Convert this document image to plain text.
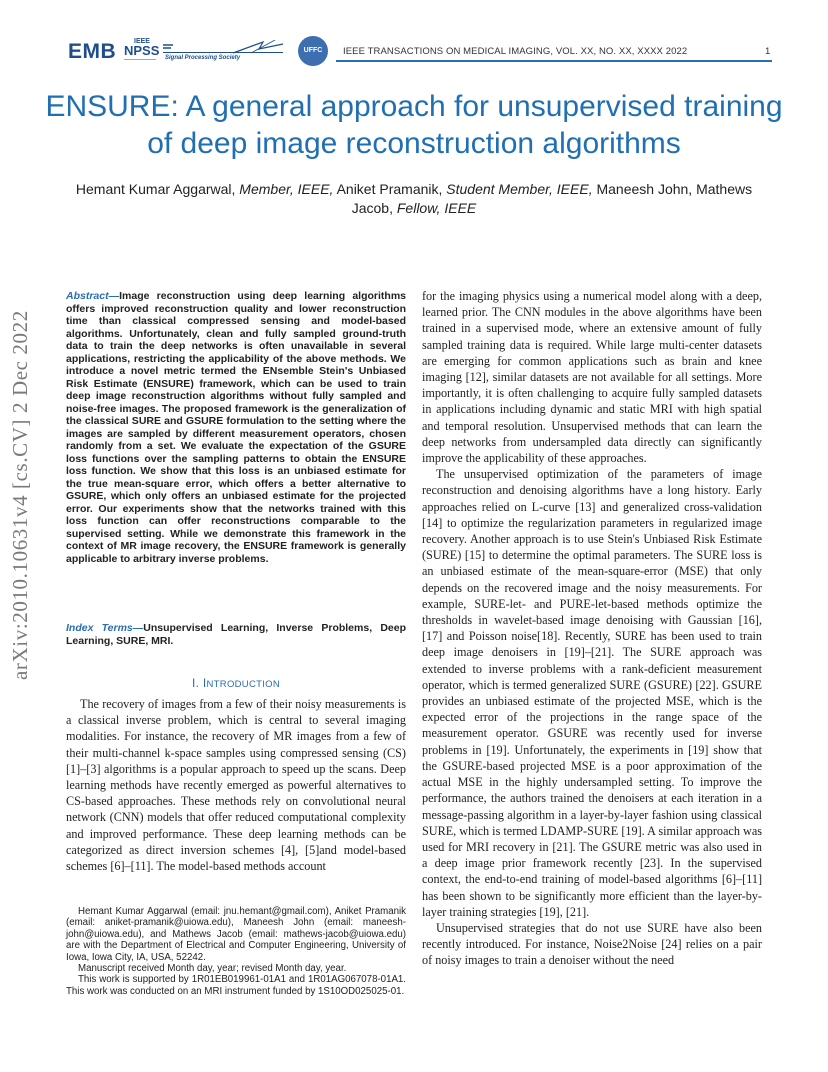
EMB	IEEE
NPSS Signal Processing Society
UFFC	IEEE TRANSACTIONS ON MEDICAL IMAGING, VOL. XX, NO. XX, XXXX 2022	1
ENSURE: A general approach for unsupervised training of deep image reconstruction algorithms
Hemant Kumar Aggarwal, Member, IEEE, Aniket Pramanik, Student Member, IEEE, Maneesh John, Mathews Jacob, Fellow, IEEE
arXiv:2010.10631v4 [cs.CV] 2 Dec 2022
Abstract—Image reconstruction using deep learning algorithms offers improved reconstruction quality and lower reconstruction time than classical compressed sensing and model-based algorithms. Unfortunately, clean and fully sampled ground-truth data to train the deep networks is often unavailable in several applications, restricting the applicability of the above methods. We introduce a novel metric termed the ENsemble Stein's Unbiased Risk Estimate (ENSURE) framework, which can be used to train deep image reconstruction algorithms without fully sampled and noise-free images. The proposed framework is the generalization of the classical SURE and GSURE formulation to the setting where the images are sampled by different measurement operators, chosen randomly from a set. We evaluate the expectation of the GSURE loss functions over the sampling patterns to obtain the ENSURE loss function. We show that this loss is an unbiased estimate for the true mean-square error, which offers a better alternative to GSURE, which only offers an unbiased estimate for the projected error. Our experiments show that the networks trained with this loss function can offer reconstructions comparable to the supervised setting. While we demonstrate this framework in the context of MR image recovery, the ENSURE framework is generally applicable to arbitrary inverse problems.
Index Terms—Unsupervised Learning, Inverse Problems, Deep Learning, SURE, MRI.
I. INTRODUCTION

The recovery of images from a few of their noisy measurements is a classical inverse problem, which is central to several imaging modalities. For instance, the recovery of MR images from a few of their multi-channel k-space samples using compressed sensing (CS) [1]–[3] algorithms is a popular approach to speed up the scans. Deep learning methods have recently emerged as powerful alternatives to CS-based approaches. These methods rely on convolutional neural network (CNN) models that offer reduced computational complexity and improved performance. These deep learning methods can be categorized as direct inversion schemes [4], [5]and model-based schemes [6]–[11]. The model-based methods account

Hemant Kumar Aggarwal (email: jnu.hemant@gmail.com), Aniket Pramanik (email: aniket-pramanik@uiowa.edu), Maneesh John (email: maneesh-john@uiowa.edu), and Mathews Jacob (email: mathews-jacob@uiowa.edu) are with the Department of Electrical and Computer Engineering, University of Iowa, Iowa City, IA, USA, 52242.

Manuscript received Month day, year; revised Month day, year.

This work is supported by 1R01EB019961-01A1 and 1R01AG067078-01A1. This work was conducted on an MRI instrument funded by 1S10OD025025-01.

for the imaging physics using a numerical model along with a deep, learned prior. The CNN modules in the above algorithms have been trained in a supervised mode, where an extensive amount of fully sampled training data is required. While large multi-center datasets are emerging for common applications such as brain and knee imaging [12], similar datasets are not available for all settings. More importantly, it is often challenging to acquire fully sampled datasets in applications including dynamic and static MRI with high spatial and temporal resolution. Unsupervised methods that can learn the deep networks from undersampled data directly can significantly improve the applicability of these approaches.

The unsupervised optimization of the parameters of image reconstruction and denoising algorithms have a long history. Early approaches relied on L-curve [13] and generalized cross-validation [14] to optimize the regularization parameters in regularized image recovery. Another approach is to use Stein's Unbiased Risk Estimate (SURE) [15] to determine the optimal parameters. The SURE loss is an unbiased estimate of the mean-square-error (MSE) that only depends on the recovered image and the noisy measurements. For example, SURE-let- and PURE-let-based methods optimize the thresholds in wavelet-based image denoising with Gaussian [16], [17] and Poisson noise[18]. Recently, SURE has been used to train deep image denoisers in [19]–[21]. The SURE approach was extended to inverse problems with a rank-deficient measurement operator, which is termed generalized SURE (GSURE) [22]. GSURE provides an unbiased estimate of the projected MSE, which is the expected error of the projections in the range space of the measurement operator. GSURE was recently used for inverse problems in [19]. Unfortunately, the experiments in [19] show that the GSURE-based projected MSE is a poor approximation of the actual MSE in the highly undersampled setting. To improve the performance, the authors trained the denoisers at each iteration in a message-passing algorithm in a layer-by-layer fashion using classical SURE, which is termed LDAMP-SURE [19]. A similar approach was used for MRI recovery in [21]. The GSURE metric was also used in a deep image prior framework recently [23]. In the supervised context, the end-to-end training of model-based algorithms [6]–[11] has been shown to be significantly more efficient than the layer-by-layer training strategies [19], [21].

Unsupervised strategies that do not use SURE have also been recently introduced. For instance, Noise2Noise [24] relies on a pair of noisy images to train a denoiser without the need
